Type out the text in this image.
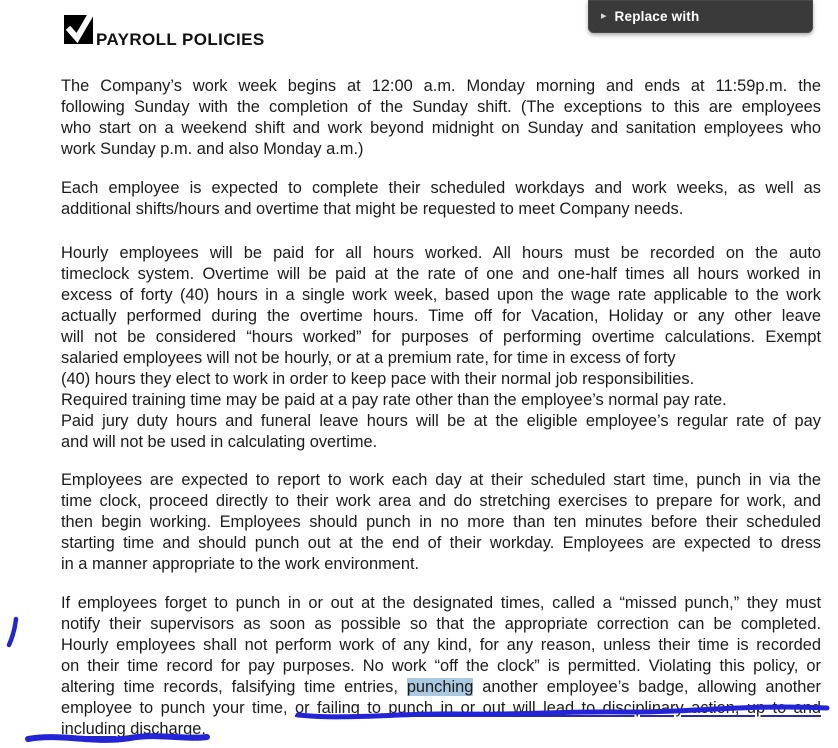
PAYROLL POLICIES
▸ Replace with
The Company’s work week begins at 12:00 a.m. Monday morning and ends at 11:59p.m. the
following Sunday with the completion of the Sunday shift. (The exceptions to this are employees
who start on a weekend shift and work beyond midnight on Sunday and sanitation employees who
work Sunday p.m. and also Monday a.m.)
Each employee is expected to complete their scheduled workdays and work weeks, as well as
additional shifts/hours and overtime that might be requested to meet Company needs.
Hourly employees will be paid for all hours worked. All hours must be recorded on the auto
timeclock system. Overtime will be paid at the rate of one and one-half times all hours worked in
excess of forty (40) hours in a single work week, based upon the wage rate applicable to the work
actually performed during the overtime hours. Time off for Vacation, Holiday or any other leave
will not be considered “hours worked” for purposes of performing overtime calculations. Exempt
salaried employees will not be hourly, or at a premium rate, for time in excess of forty
(40) hours they elect to work in order to keep pace with their normal job responsibilities.
Required training time may be paid at a pay rate other than the employee’s normal pay rate.
Paid jury duty hours and funeral leave hours will be at the eligible employee’s regular rate of pay
and will not be used in calculating overtime.
Employees are expected to report to work each day at their scheduled start time, punch in via the
time clock, proceed directly to their work area and do stretching exercises to prepare for work, and
then begin working. Employees should punch in no more than ten minutes before their scheduled
starting time and should punch out at the end of their workday. Employees are expected to dress
in a manner appropriate to the work environment.
If employees forget to punch in or out at the designated times, called a “missed punch,” they must
notify their supervisors as soon as possible so that the appropriate correction can be completed.
Hourly employees shall not perform work of any kind, for any reason, unless their time is recorded
on their time record for pay purposes. No work “off the clock” is permitted. Violating this policy, or
altering time records, falsifying time entries, punching another employee’s badge, allowing another
employee to punch your time, or failing to punch in or out will lead to disciplinary action, up to and
including discharge.
